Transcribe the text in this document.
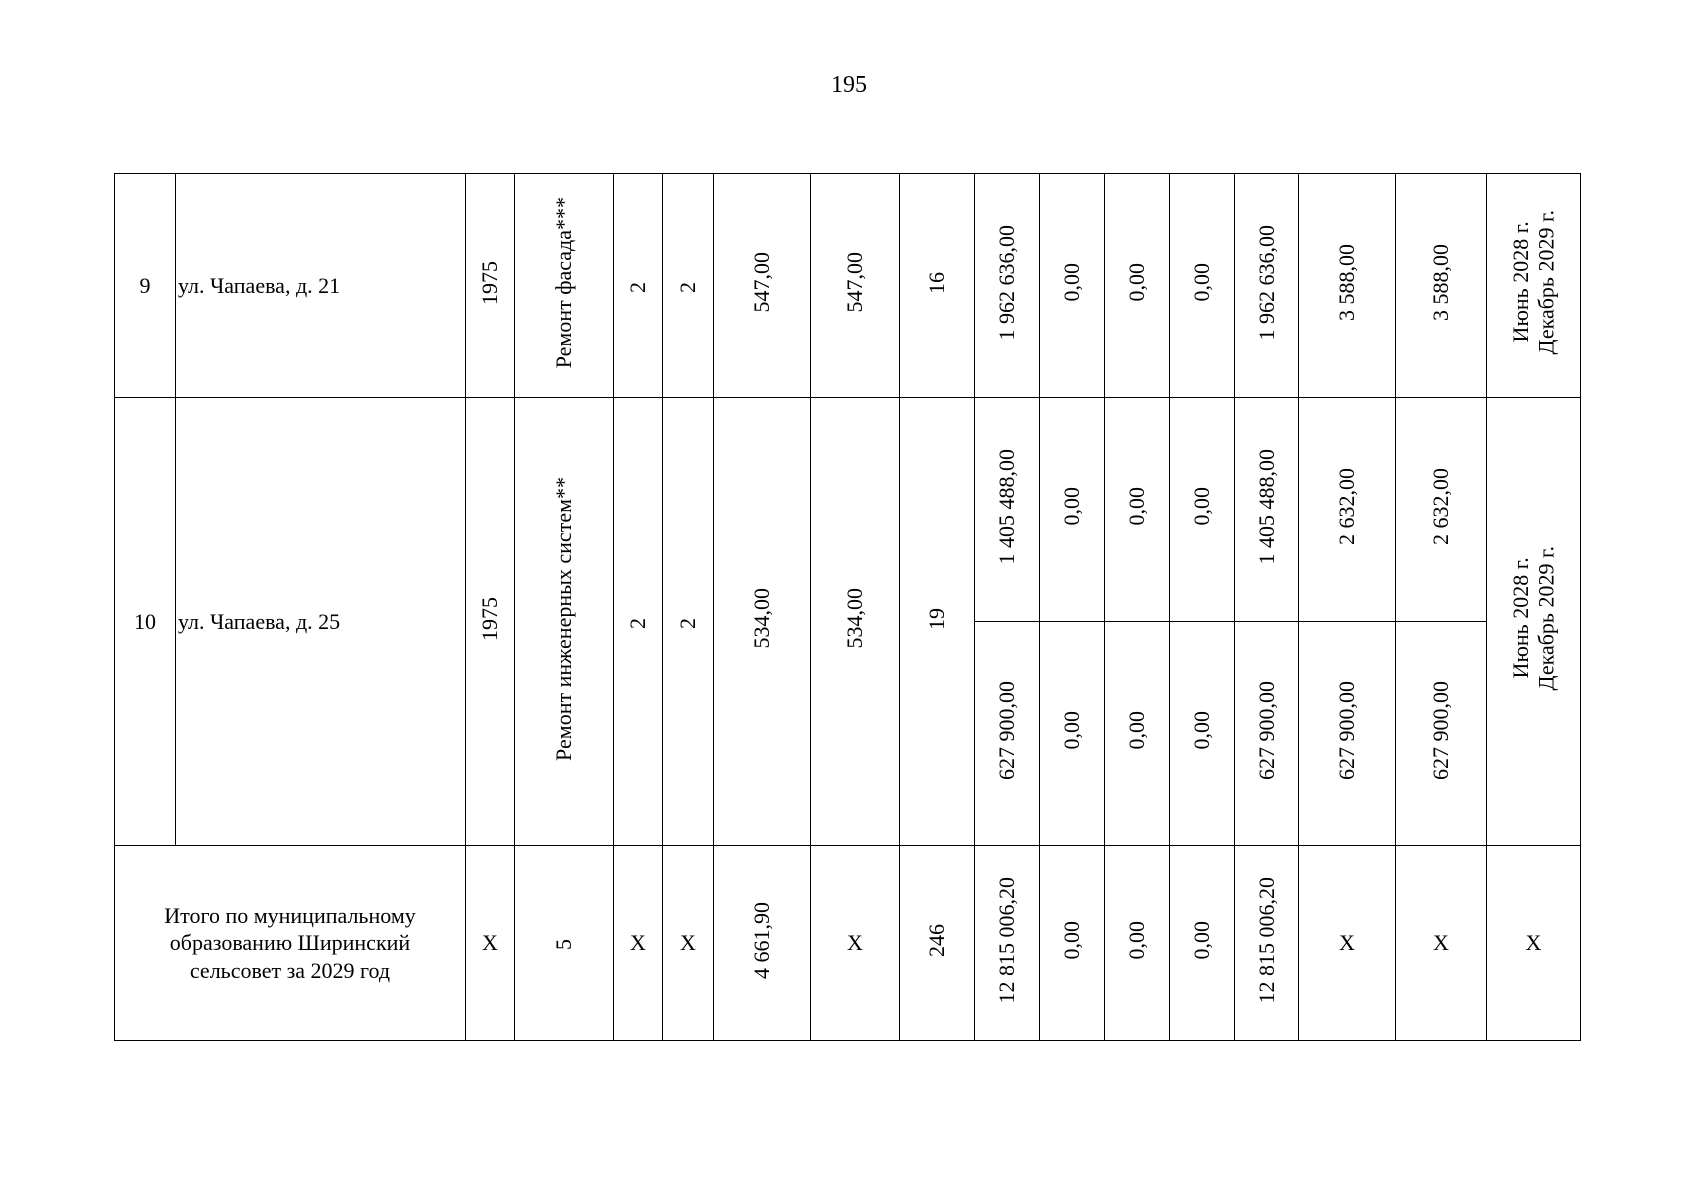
195
9	ул. Чапаева, д. 21	1975	Ремонт фасада***	2	2	547,00	547,00	16	1 962 636,00	0,00	0,00	0,00	1 962 636,00	3 588,00	3 588,00	Июнь 2028 г.
Декабрь 2029 г.
10	ул. Чапаева, д. 25	1975	Ремонт инженерных систем**	2	2	534,00	534,00	19	1 405 488,00	0,00	0,00	0,00	1 405 488,00	2 632,00	2 632,00	Июнь 2028 г.
Декабрь 2029 г.
									627 900,00	0,00	0,00	0,00	627 900,00	627 900,00	627 900,00	

Итого по муниципальному образованию Ширинский сельсовет за 2029 год		X	5	X	X	4 661,90	X	246	12 815 006,20	0,00	0,00	0,00	12 815 006,20	X	X	X
